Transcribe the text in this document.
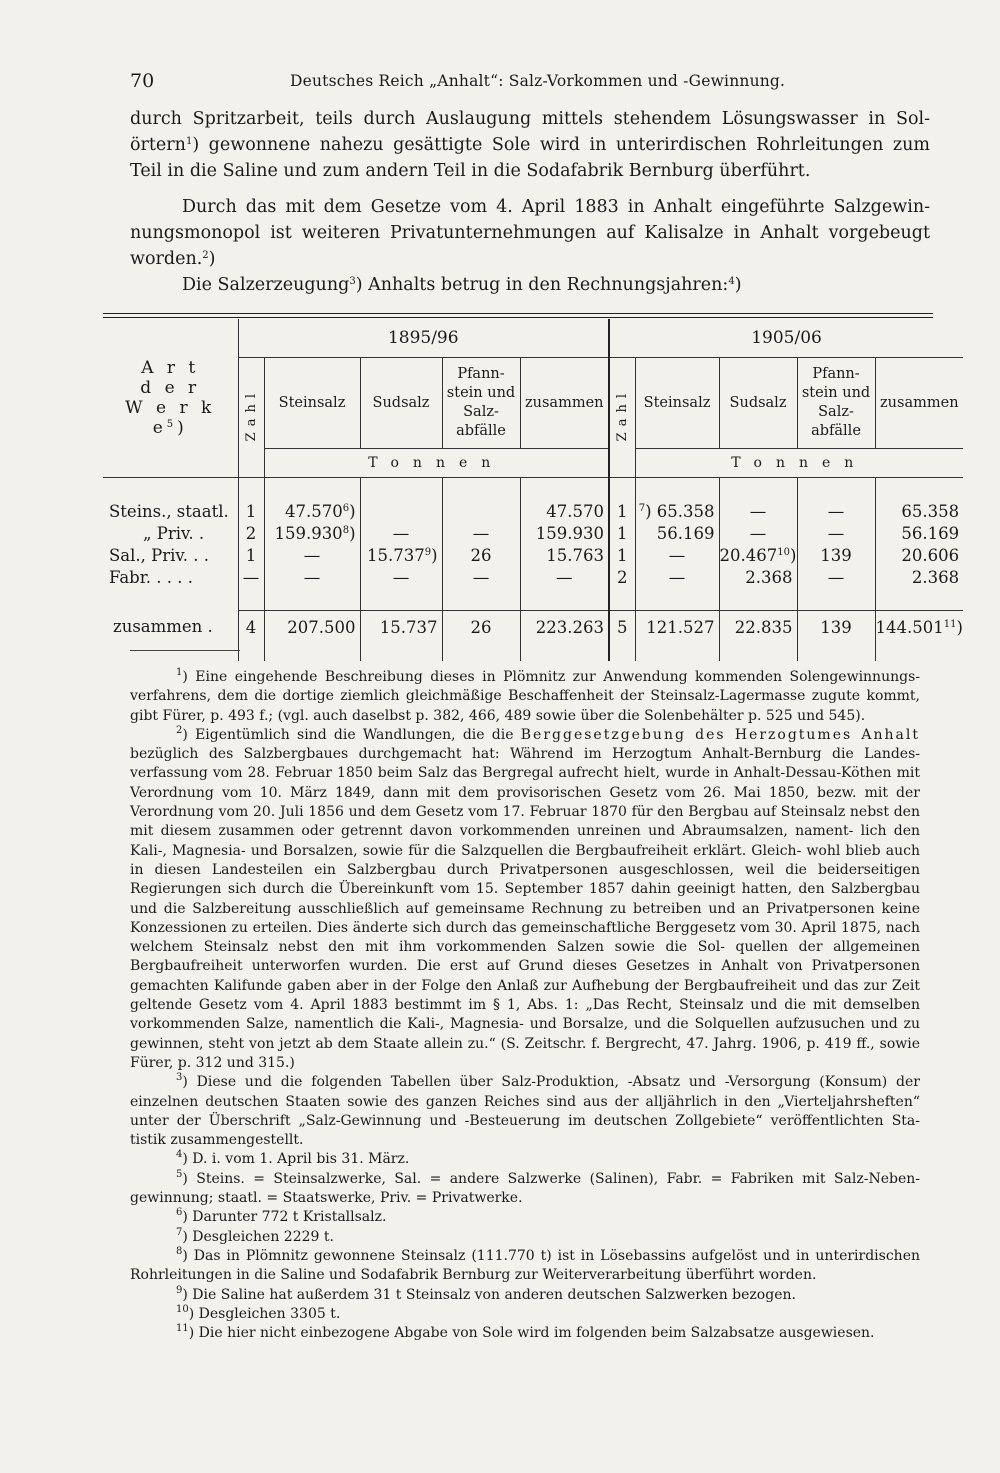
70	Deutsches Reich „Anhalt“: Salz-Vorkommen und -Gewinnung.

durch Spritzarbeit, teils durch Auslaugung mittels stehendem Lösungswasser in Sol- örtern$^1$) gewonnene nahezu gesättigte Sole wird in unterirdischen Rohrleitungen zum Teil in die Saline und zum andern Teil in die Sodafabrik Bernburg überführt.

Durch das mit dem Gesetze vom 4. April 1883 in Anhalt eingeführte Salzgewin- nungsmonopol ist weiteren Privatunternehmungen auf Kalisalze in Anhalt vorgebeugt worden.$^2$)

Die Salzerzeugung$^3$) Anhalts betrug in den Rechnungsjahren:$^4$)

A r t
d e r
W e r k $e^5$)	1895/96					1905/06				
	Zahl	Steinsalz	Sudsalz	Pfann-
stein und
Salz-
abfälle	zusammen	Zahl	Steinsalz	Sudsalz	Pfann-
stein und
Salz-
abfälle	zusammen
		Tonnen					Tonnen			

Steins., staatl.	1	47.570$^6$)			47.570	1	$^7$) 65.358	—	—	65.358
„ Priv. .	2	159.930$^8$)	—	—	159.930	1	56.169	—	—	56.169
Sal., Priv. . .	1	—	15.737$^9$)	26	15.763	1	—	20.467$^{10}$)	139	20.606
Fabr. . . . .	—	—	—	—	—	2	—	2.368	—	2.368

zusammen .	4	207.500	15.737	26	223.263	5	121.527	22.835	139	144.501$^{11}$)

$^1$) Eine eingehende Beschreibung dieses in Plömnitz zur Anwendung kommenden Solengewinnungs- verfahrens, dem die dortige ziemlich gleichmäßige Beschaffenheit der Steinsalz-Lagermasse zugute kommt, gibt Fürer, p. 493 f.; (vgl. auch daselbst p. 382, 466, 489 sowie über die Solenbehälter p. 525 und 545).

$^2$) Eigentümlich sind die Wandlungen, die die Berggesetzgebung des Herzogtumes Anhalt bezüglich des Salzbergbaues durchgemacht hat: Während im Herzogtum Anhalt-Bernburg die Landes- verfassung vom 28. Februar 1850 beim Salz das Bergregal aufrecht hielt, wurde in Anhalt-Dessau-Köthen mit Verordnung vom 10. März 1849, dann mit dem provisorischen Gesetz vom 26. Mai 1850, bezw. mit der Verordnung vom 20. Juli 1856 und dem Gesetz vom 17. Februar 1870 für den Bergbau auf Steinsalz nebst den mit diesem zusammen oder getrennt davon vorkommenden unreinen und Abraumsalzen, nament- lich den Kali-, Magnesia- und Borsalzen, sowie für die Salzquellen die Bergbaufreiheit erklärt. Gleich- wohl blieb auch in diesen Landesteilen ein Salzbergbau durch Privatpersonen ausgeschlossen, weil die beiderseitigen Regierungen sich durch die Übereinkunft vom 15. September 1857 dahin geeinigt hatten, den Salzbergbau und die Salzbereitung ausschließlich auf gemeinsame Rechnung zu betreiben und an Privatpersonen keine Konzessionen zu erteilen. Dies änderte sich durch das gemeinschaftliche Berggesetz vom 30. April 1875, nach welchem Steinsalz nebst den mit ihm vorkommenden Salzen sowie die Sol- quellen der allgemeinen Bergbaufreiheit unterworfen wurden. Die erst auf Grund dieses Gesetzes in Anhalt von Privatpersonen gemachten Kalifunde gaben aber in der Folge den Anlaß zur Aufhebung der Bergbaufreiheit und das zur Zeit geltende Gesetz vom 4. April 1883 bestimmt im § 1, Abs. 1: „Das Recht, Steinsalz und die mit demselben vorkommenden Salze, namentlich die Kali-, Magnesia- und Borsalze, und die Solquellen aufzusuchen und zu gewinnen, steht von jetzt ab dem Staate allein zu.“ (S. Zeitschr. f. Bergrecht, 47. Jahrg. 1906, p. 419 ff., sowie Fürer, p. 312 und 315.)

$^3$) Diese und die folgenden Tabellen über Salz-Produktion, -Absatz und -Versorgung (Konsum) der einzelnen deutschen Staaten sowie des ganzen Reiches sind aus der alljährlich in den „Vierteljahrsheften“ unter der Überschrift „Salz-Gewinnung und -Besteuerung im deutschen Zollgebiete“ veröffentlichten Sta- tistik zusammengestellt.

$^4$) D. i. vom 1. April bis 31. März.

$^5$) Steins. = Steinsalzwerke, Sal. = andere Salzwerke (Salinen), Fabr. = Fabriken mit Salz-Neben- gewinnung; staatl. = Staatswerke, Priv. = Privatwerke.

$^6$) Darunter 772 t Kristallsalz.

$^7$) Desgleichen 2229 t.

$^8$) Das in Plömnitz gewonnene Steinsalz (111.770 t) ist in Lösebassins aufgelöst und in unterirdischen Rohrleitungen in die Saline und Sodafabrik Bernburg zur Weiterverarbeitung überführt worden.

$^9$) Die Saline hat außerdem 31 t Steinsalz von anderen deutschen Salzwerken bezogen.

$^{10}$) Desgleichen 3305 t.

$^{11}$) Die hier nicht einbezogene Abgabe von Sole wird im folgenden beim Salzabsatze ausgewiesen.
